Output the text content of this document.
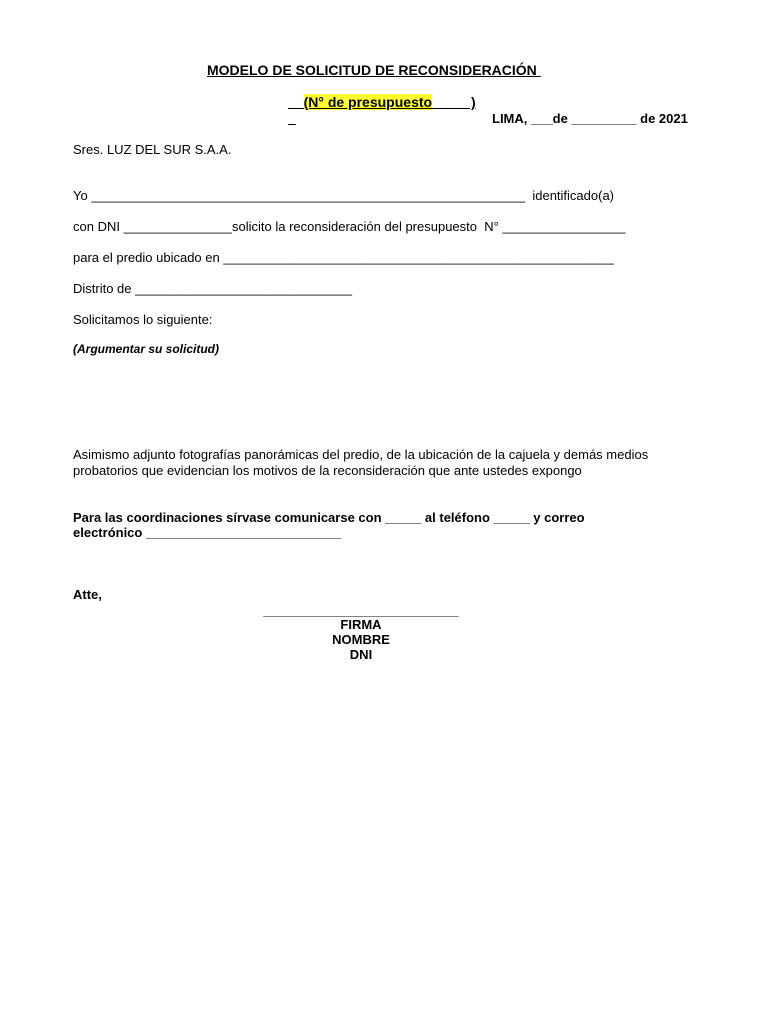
MODELO DE SOLICITUD DE RECONSIDERACIÓN

(N° de presupuesto          )

LIMA, ___de _________ de 2021
Sres. LUZ DEL SUR S.A.A.
Yo ____________________________________________________________  identificado(a)
con DNI _______________solicito la reconsideración del presupuesto  N° _________________
para el predio ubicado en ______________________________________________________
Distrito de ______________________________
Solicitamos lo siguiente:
(Argumentar su solicitud)
Asimismo adjunto fotografías panorámicas del predio, de la ubicación de la cajuela y demás medios
probatorios que evidencian los motivos de la reconsideración que ante ustedes expongo
Para las coordinaciones sírvase comunicarse con _____ al teléfono _____ y correo
electrónico ___________________________
Atte,
___________________________
FIRMA
NOMBRE
DNI
